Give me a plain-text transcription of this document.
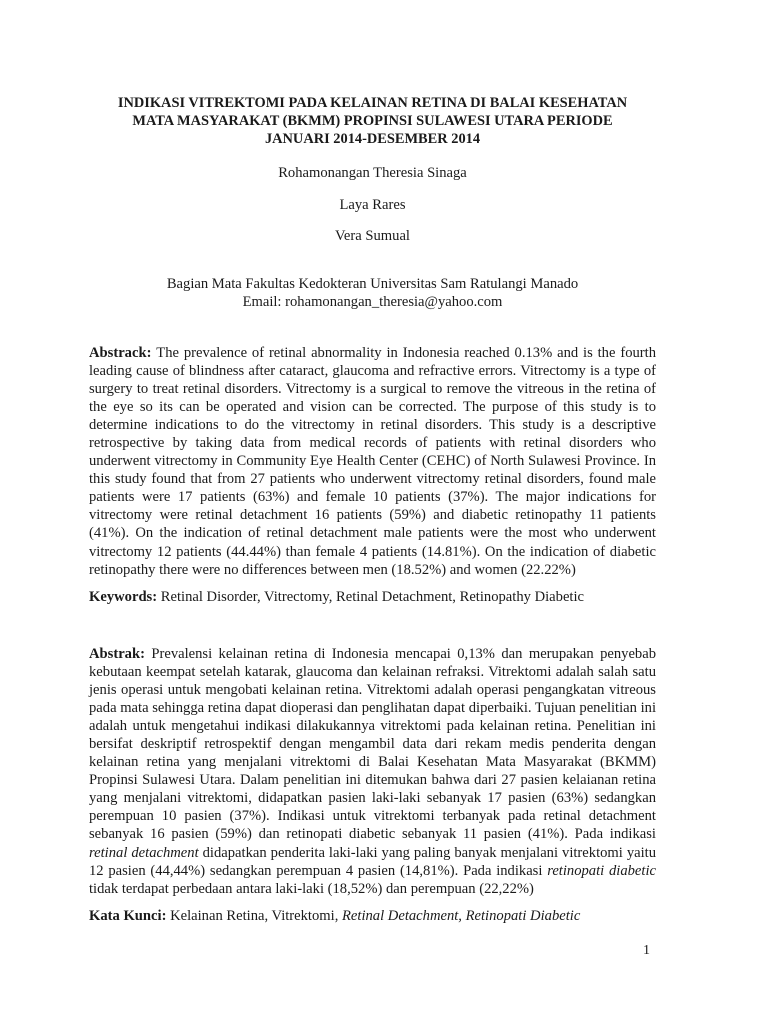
INDIKASI VITREKTOMI PADA KELAINAN RETINA DI BALAI KESEHATAN
MATA MASYARAKAT (BKMM) PROPINSI SULAWESI UTARA PERIODE
JANUARI 2014-DESEMBER 2014
Rohamonangan Theresia Sinaga
Laya Rares
Vera Sumual
Bagian Mata Fakultas Kedokteran Universitas Sam Ratulangi Manado
Email: rohamonangan_theresia@yahoo.com
Abstrack: The prevalence of retinal abnormality in Indonesia reached 0.13% and is the fourth
leading cause of blindness after cataract, glaucoma and refractive errors. Vitrectomy is a type of
surgery to treat retinal disorders. Vitrectomy is a surgical to remove the vitreous in the retina of
the eye so its can be operated and vision can be corrected. The purpose of this study is to
determine indications to do the vitrectomy in retinal disorders. This study is a descriptive
retrospective by taking data from medical records of patients with retinal disorders who
underwent vitrectomy in Community Eye Health Center (CEHC) of North Sulawesi Province. In
this study found that from 27 patients who underwent vitrectomy retinal disorders, found male
patients were 17 patients (63%) and female 10 patients (37%). The major indications for
vitrectomy were retinal detachment 16 patients (59%) and diabetic retinopathy 11 patients
(41%). On the indication of retinal detachment male patients were the most who underwent
vitrectomy 12 patients (44.44%) than female 4 patients (14.81%). On the indication of diabetic
retinopathy there were no differences between men (18.52%) and women (22.22%)
Keywords: Retinal Disorder, Vitrectomy, Retinal Detachment, Retinopathy Diabetic
Abstrak: Prevalensi kelainan retina di Indonesia mencapai 0,13% dan merupakan penyebab
kebutaan keempat setelah katarak, glaucoma dan kelainan refraksi. Vitrektomi adalah salah satu
jenis operasi untuk mengobati kelainan retina. Vitrektomi adalah operasi pengangkatan vitreous
pada mata sehingga retina dapat dioperasi dan penglihatan dapat diperbaiki. Tujuan penelitian ini
adalah untuk mengetahui indikasi dilakukannya vitrektomi pada kelainan retina. Penelitian ini
bersifat deskriptif retrospektif dengan mengambil data dari rekam medis penderita dengan
kelainan retina yang menjalani vitrektomi di Balai Kesehatan Mata Masyarakat (BKMM)
Propinsi Sulawesi Utara. Dalam penelitian ini ditemukan bahwa dari 27 pasien kelaianan retina
yang menjalani vitrektomi, didapatkan pasien laki-laki sebanyak 17 pasien (63%) sedangkan
perempuan 10 pasien (37%). Indikasi untuk vitrektomi terbanyak pada retinal detachment
sebanyak 16 pasien (59%) dan retinopati diabetic sebanyak 11 pasien (41%). Pada indikasi
retinal detachment didapatkan penderita laki-laki yang paling banyak menjalani vitrektomi yaitu
12 pasien (44,44%) sedangkan perempuan 4 pasien (14,81%). Pada indikasi retinopati diabetic
tidak terdapat perbedaan antara laki-laki (18,52%) dan perempuan (22,22%)
Kata Kunci: Kelainan Retina, Vitrektomi, Retinal Detachment, Retinopati Diabetic
1
